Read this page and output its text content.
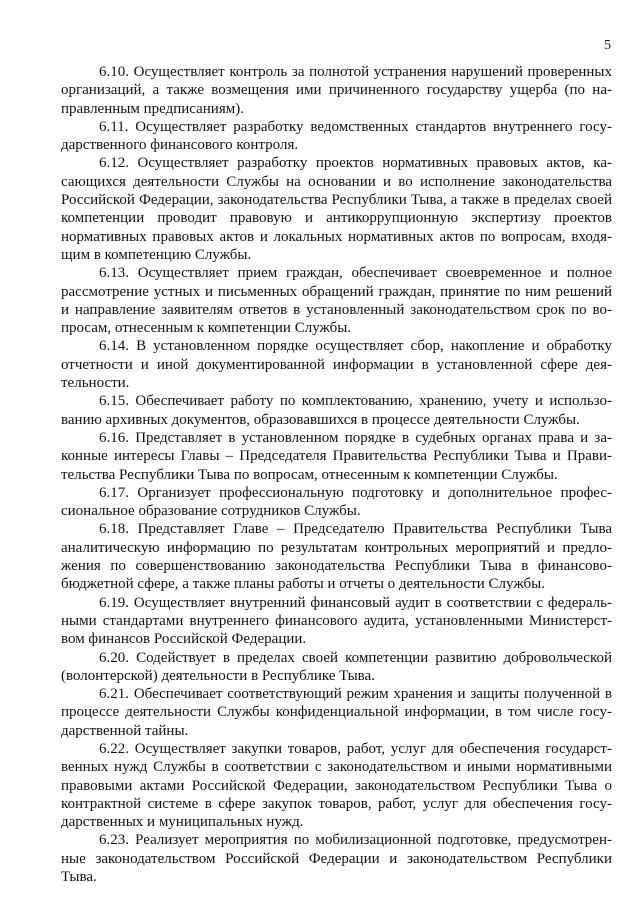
5

6.10. Осуществляет контроль за полнотой устранения нарушений проверенных организаций, а также возмещения ими причиненного государству ущерба (по направленным предписаниям).

6.11. Осуществляет разработку ведомственных стандартов внутреннего государственного финансового контроля.

6.12. Осуществляет разработку проектов нормативных правовых актов, касающихся деятельности Службы на основании и во исполнение законодательства Российской Федерации, законодательства Республики Тыва, а также в пределах своей компетенции проводит правовую и антикоррупционную экспертизу проектов нормативных правовых актов и локальных нормативных актов по вопросам, входящим в компетенцию Службы.

6.13. Осуществляет прием граждан, обеспечивает своевременное и полное рассмотрение устных и письменных обращений граждан, принятие по ним решений и направление заявителям ответов в установленный законодательством срок по вопросам, отнесенным к компетенции Службы.

6.14. В установленном порядке осуществляет сбор, накопление и обработку отчетности и иной документированной информации в установленной сфере деятельности.

6.15. Обеспечивает работу по комплектованию, хранению, учету и использованию архивных документов, образовавшихся в процессе деятельности Службы.

6.16. Представляет в установленном порядке в судебных органах права и законные интересы Главы – Председателя Правительства Республики Тыва и Правительства Республики Тыва по вопросам, отнесенным к компетенции Службы.

6.17. Организует профессиональную подготовку и дополнительное профессиональное образование сотрудников Службы.

6.18. Представляет Главе – Председателю Правительства Республики Тыва аналитическую информацию по результатам контрольных мероприятий и предложения по совершенствованию законодательства Республики Тыва в финансово-бюджетной сфере, а также планы работы и отчеты о деятельности Службы.

6.19. Осуществляет внутренний финансовый аудит в соответствии с федеральными стандартами внутреннего финансового аудита, установленными Министерством финансов Российской Федерации.

6.20. Содействует в пределах своей компетенции развитию добровольческой (волонтерской) деятельности в Республике Тыва.

6.21. Обеспечивает соответствующий режим хранения и защиты полученной в процессе деятельности Службы конфиденциальной информации, в том числе государственной тайны.

6.22. Осуществляет закупки товаров, работ, услуг для обеспечения государственных нужд Службы в соответствии с законодательством и иными нормативными правовыми актами Российской Федерации, законодательством Республики Тыва о контрактной системе в сфере закупок товаров, работ, услуг для обеспечения государственных и муниципальных нужд.

6.23. Реализует мероприятия по мобилизационной подготовке, предусмотренные законодательством Российской Федерации и законодательством Республики Тыва.
